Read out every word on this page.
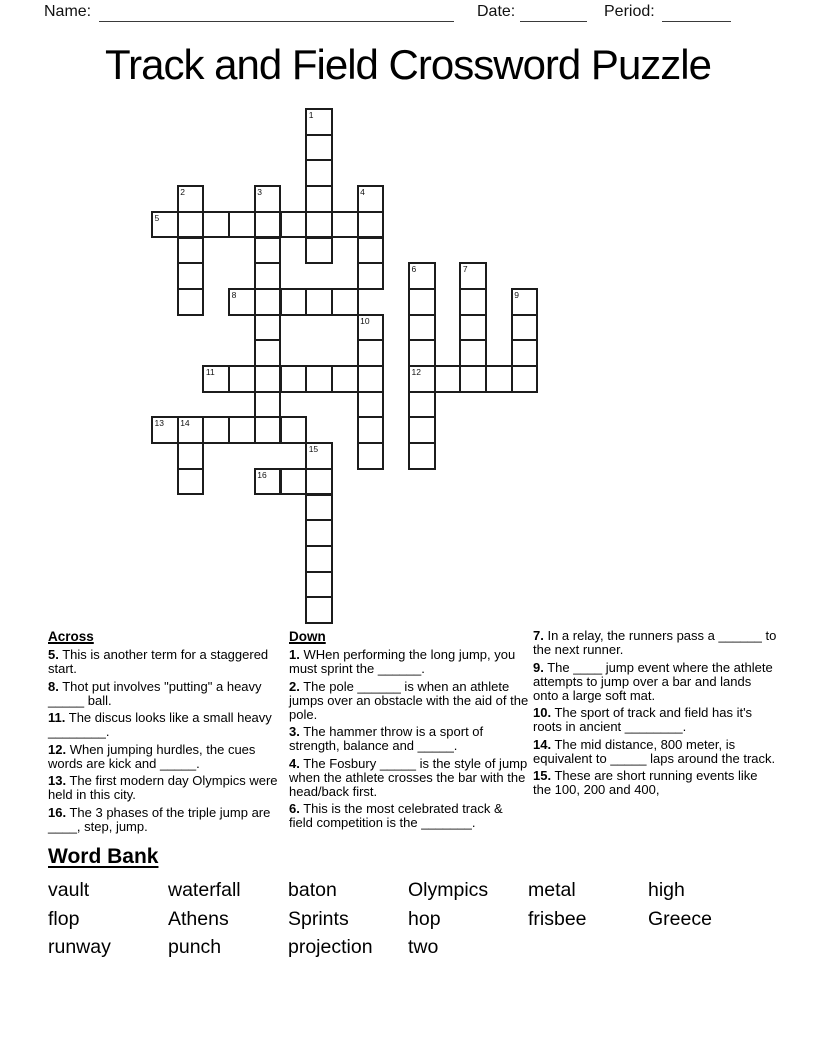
Name:	Date:	Period:
Track and Field Crossword Puzzle
1
2	3	4
5
6
12
7
8	9
10
11
13 14
15
16

Across

5. This is another term for a staggered start.

8. Thot put involves "putting" a heavy _____ ball.

11. The discus looks like a small heavy ________.

12. When jumping hurdles, the cues words are kick and _____.

13. The first modern day Olympics were held in this city.

16. The 3 phases of the triple jump are ____, step, jump.

Down

1. WHen performing the long jump, you must sprint the ______.

2. The pole ______ is when an athlete jumps over an obstacle with the aid of the pole.

3. The hammer throw is a sport of strength, balance and _____.

4. The Fosbury _____ is the style of jump when the athlete crosses the bar with the head/back first.

6. This is the most celebrated track & field competition is the _______.

7. In a relay, the runners pass a ______ to the next runner.

9. The ____ jump event where the athlete attempts to jump over a bar and lands onto a large soft mat.

10. The sport of track and field has it's roots in ancient ________.

14. The mid distance, 800 meter, is equivalent to _____ laps around the track.

15. These are short running events like the 100, 200 and 400,

Word Bank

vault	waterfall	baton	Olympics	metal	high
flop	Athens	Sprints	hop	frisbee	Greece
runway	punch	projection	two
